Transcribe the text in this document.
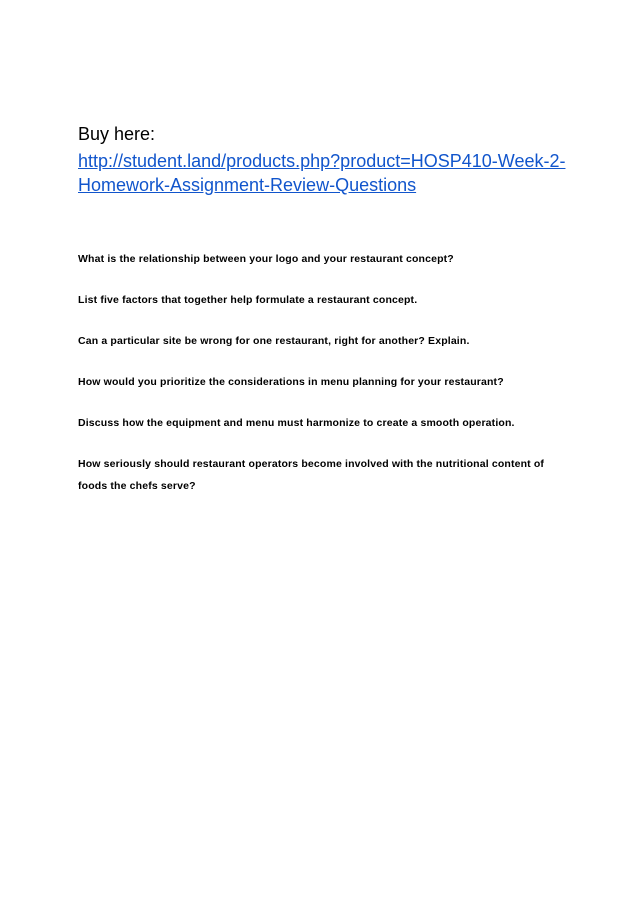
Buy here:

http://student.land/products.php?product=HOSP410-Week-2-Homework-Assignment-Review-Questions

What is the relationship between your logo and your restaurant concept?

List five factors that together help formulate a restaurant concept.

Can a particular site be wrong for one restaurant, right for another? Explain.

How would you prioritize the considerations in menu planning for your restaurant?

Discuss how the equipment and menu must harmonize to create a smooth operation.

How seriously should restaurant operators become involved with the nutritional content of foods the chefs serve?
